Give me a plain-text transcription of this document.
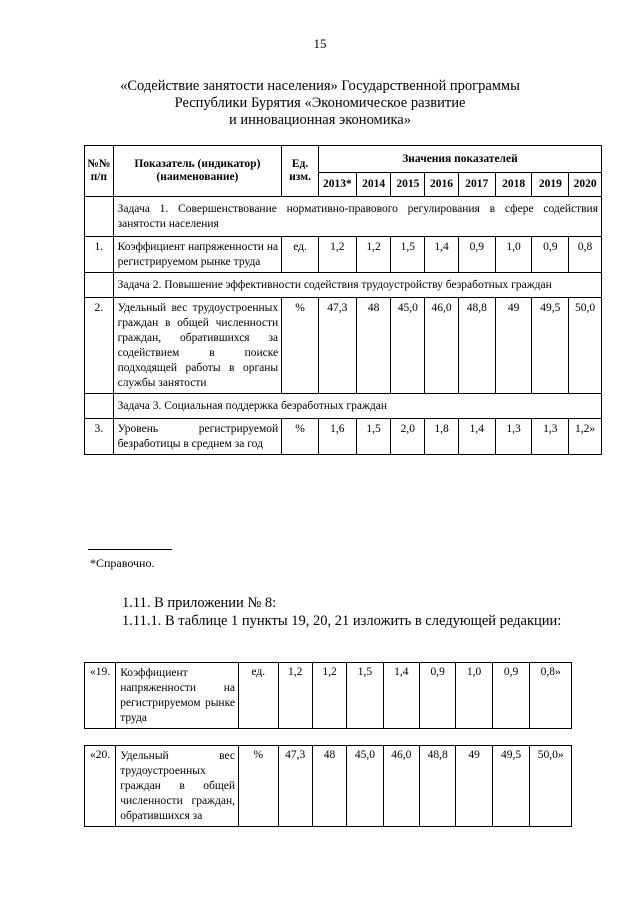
15
«Содействие занятости населения» Государственной программы
Республики Бурятия «Экономическое развитие
и инновационная экономика»
№№ п/п	Показатель (индикатор) (наименование)	Ед. изм.	Значения показателей							
			2013*	2014	2015	2016	2017	2018	2019	2020
	Задача 1. Совершенствование нормативно-правового регулирования в сфере содействия занятости населения									
1.	Коэффициент напряженности на регистрируемом рынке труда	ед.	1,2	1,2	1,5	1,4	0,9	1,0	0,9	0,8
	Задача 2. Повышение эффективности содействия трудоустройству безработных граждан									
2.	Удельный вес трудоустроенных граждан в общей численности граждан, обратившихся за содействием в поиске подходящей работы в органы службы занятости	%	47,3	48	45,0	46,0	48,8	49	49,5	50,0
	Задача 3. Социальная поддержка безработных граждан									
3.	Уровень регистрируемой безработицы в среднем за год	%	1,6	1,5	2,0	1,8	1,4	1,3	1,3	1,2»
*Справочно.
1.11. В приложении № 8:
1.11.1. В таблице 1 пункты 19, 20, 21 изложить в следующей редакции:
«19.	Коэффициент напряженности на регистрируемом рынке труда	ед.	1,2	1,2	1,5	1,4	0,9	1,0	0,9	0,8»
«20.	Удельный вес трудоустроенных граждан в общей численности граждан, обратившихся за	%	47,3	48	45,0	46,0	48,8	49	49,5	50,0»
